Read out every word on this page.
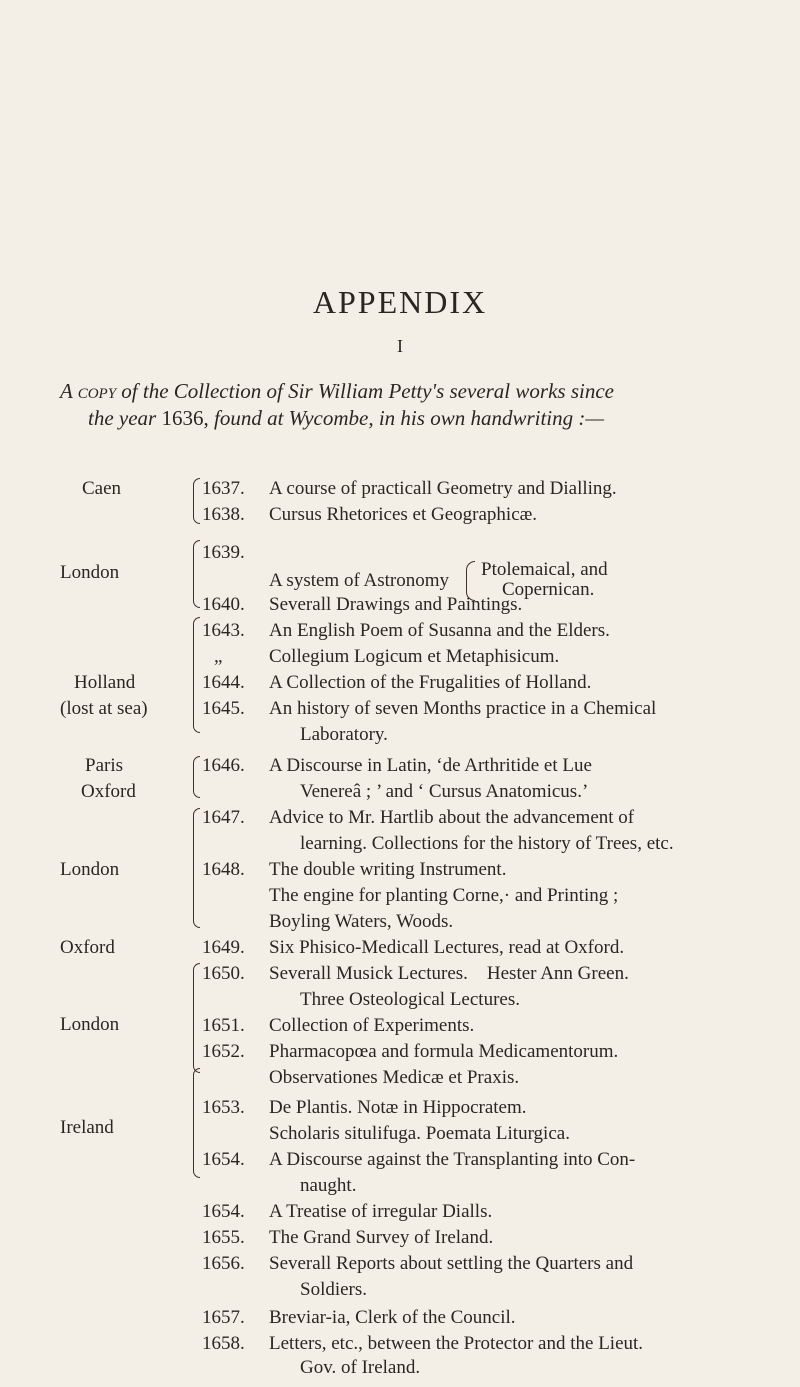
APPENDIX
I
A copy of the Collection of Sir William Petty's several works since
the year 1636, found at Wycombe, in his own handwriting :—
Caen
London
Holland
(lost at sea)
Paris
Oxford
London
Oxford
London
Ireland
A system of Astronomy
Ptolemaical, and
Copernican.
1637. A course of practicall Geometry and Dialling.
1638. Cursus Rhetorices et Geographicæ.
1639.
1640. Severall Drawings and Paintings.
1643. An English Poem of Susanna and the Elders.
„ Collegium Logicum et Metaphisicum.
1644. A Collection of the Frugalities of Holland.
1645. An history of seven Months practice in a Chemical
Laboratory.
1646. A Discourse in Latin, ‘de Arthritide et Lue
Venereâ ; ’ and ‘ Cursus Anatomicus.’
1647. Advice to Mr. Hartlib about the advancement of
learning. Collections for the history of Trees, etc.
1648. The double writing Instrument.
The engine for planting Corne,· and Printing ;
Boyling Waters, Woods.
1649. Six Phisico-Medicall Lectures, read at Oxford.
1650. Severall Musick Lectures.    Hester Ann Green.
Three Osteological Lectures.
1651. Collection of Experiments.
1652. Pharmacopœa and formula Medicamentorum.
Observationes Medicæ et Praxis.
1653. De Plantis. Notæ in Hippocratem.
Scholaris situlifuga. Poemata Liturgica.
1654. A Discourse against the Transplanting into Con-
naught.
1654. A Treatise of irregular Dialls.
1655. The Grand Survey of Ireland.
1656. Severall Reports about settling the Quarters and
Soldiers.
1657. Breviar-ia, Clerk of the Council.
1658. Letters, etc., between the Protector and the Lieut.
Gov. of Ireland.
